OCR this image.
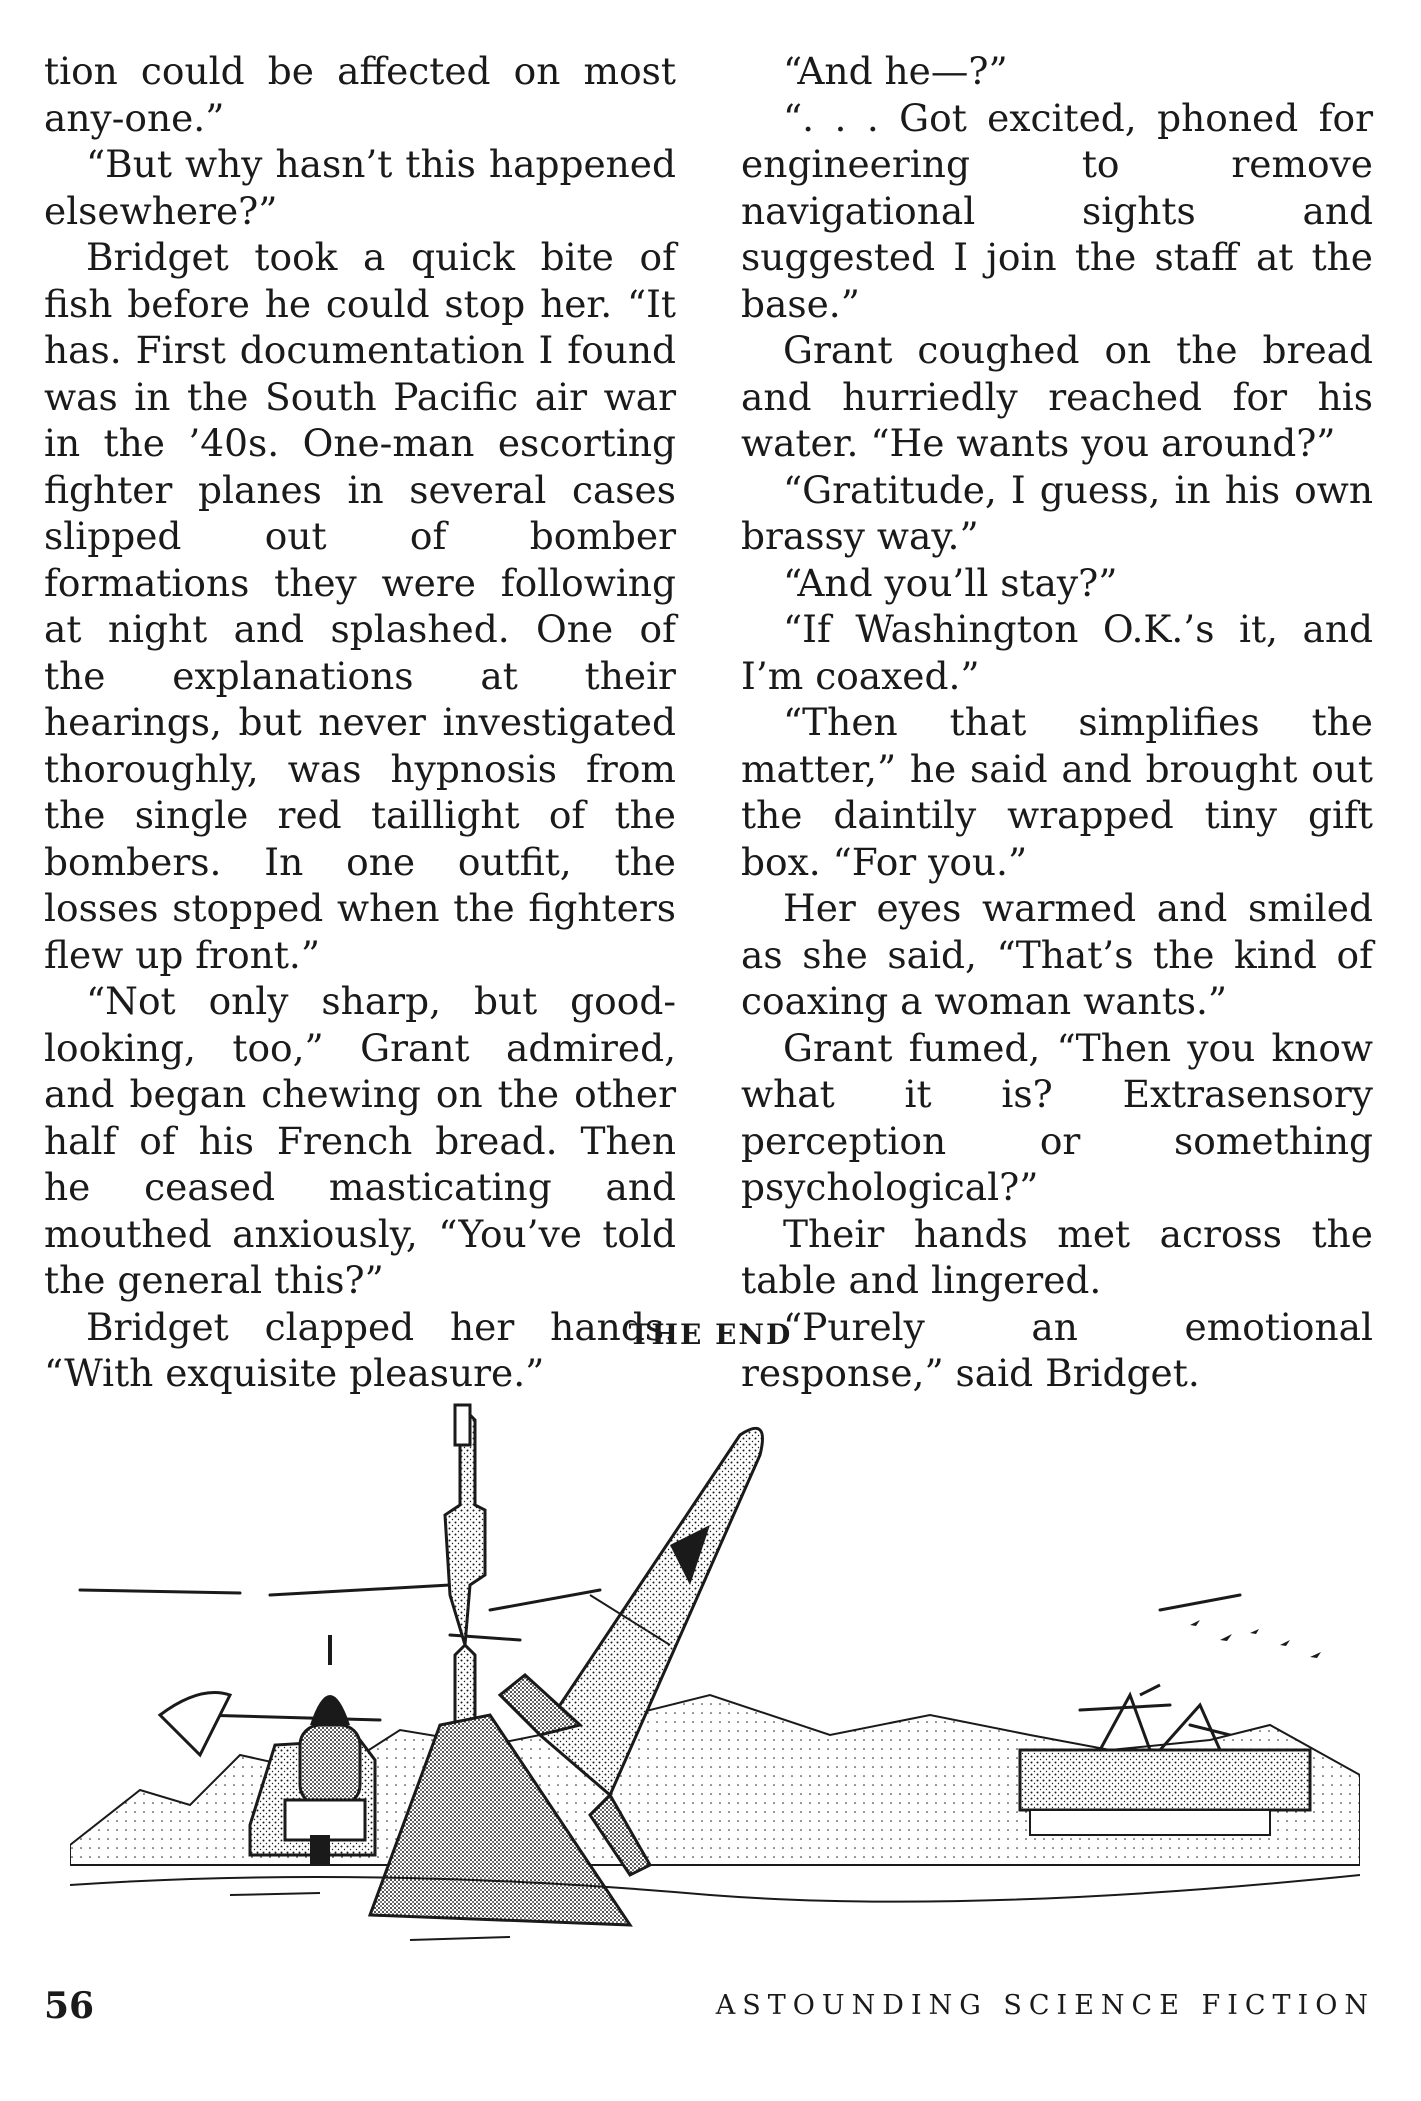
tion could be affected on most any-one.”

“But why hasn’t this happened elsewhere?”

Bridget took a quick bite of fish before he could stop her. “It has. First documentation I found was in the South Pacific air war in the ’40s. One-man escorting fighter planes in several cases slipped out of bomber formations they were following at night and splashed. One of the explanations at their hearings, but never investigated thoroughly, was hypnosis from the single red taillight of the bombers. In one outfit, the losses stopped when the fighters flew up front.”

“Not only sharp, but good-looking, too,” Grant admired, and began chewing on the other half of his French bread. Then he ceased masticating and mouthed anxiously, “You’ve told the general this?”

Bridget clapped her hands. “With exquisite pleasure.”

“And he—?”

“. . . Got excited, phoned for engineering to remove navigational sights and suggested I join the staff at the base.”

Grant coughed on the bread and hurriedly reached for his water. “He wants you around?”

“Gratitude, I guess, in his own brassy way.”

“And you’ll stay?”

“If Washington O.K.’s it, and I’m coaxed.”

“Then that simplifies the matter,” he said and brought out the daintily wrapped tiny gift box. “For you.”

Her eyes warmed and smiled as she said, “That’s the kind of coaxing a woman wants.”

Grant fumed, “Then you know what it is? Extrasensory perception or something psychological?”

Their hands met across the table and lingered.

“Purely an emotional response,” said Bridget.

THE END
56	ASTOUNDING SCIENCE FICTION
